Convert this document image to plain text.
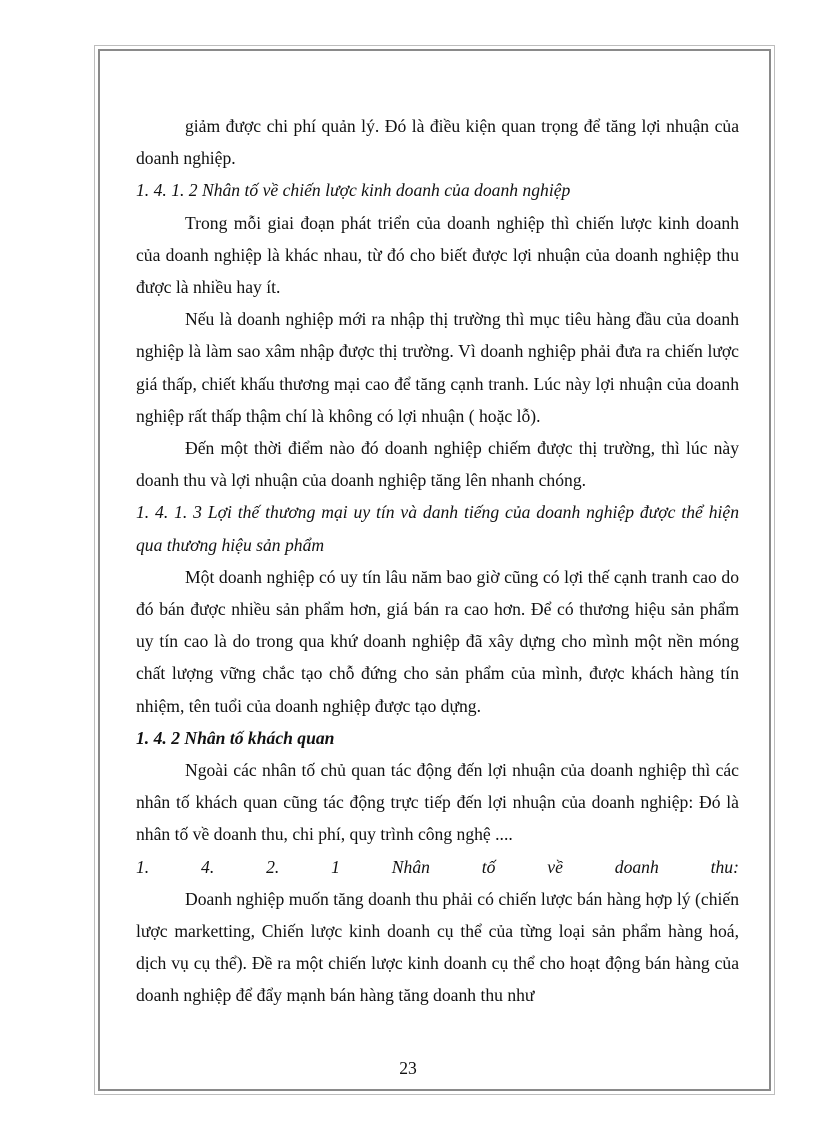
giảm được chi phí quản lý. Đó là điều kiện quan trọng để tăng lợi nhuận của doanh nghiệp.

1. 4. 1. 2 Nhân tố về chiến lược kinh doanh của doanh nghiệp

Trong mỗi giai đoạn phát triển của doanh nghiệp thì chiến lược kinh doanh của doanh nghiệp là khác nhau, từ đó cho biết được lợi nhuận của doanh nghiệp thu được là nhiều hay ít.

Nếu là doanh nghiệp mới ra nhập thị trường thì mục tiêu hàng đầu của doanh nghiệp là làm sao xâm nhập được thị trường. Vì doanh nghiệp phải đưa ra chiến lược giá thấp, chiết khấu thương mại cao để tăng cạnh tranh. Lúc này lợi nhuận của doanh nghiệp rất thấp thậm chí là không có lợi nhuận ( hoặc lỗ).

Đến một thời điểm nào đó doanh nghiệp chiếm được thị trường, thì lúc này doanh thu và lợi nhuận của doanh nghiệp tăng lên nhanh chóng.

1. 4. 1. 3 Lợi thế thương mại uy tín và danh tiếng của doanh nghiệp được thể hiện qua thương hiệu sản phẩm

Một doanh nghiệp có uy tín lâu năm bao giờ cũng có lợi thế cạnh tranh cao do đó bán được nhiều sản phẩm hơn, giá bán ra cao hơn. Để có thương hiệu sản phẩm uy tín cao là do trong qua khứ doanh nghiệp đã xây dựng cho mình một nền móng chất lượng vững chắc tạo chỗ đứng cho sản phẩm của mình, được khách hàng tín nhiệm, tên tuổi của doanh nghiệp được tạo dựng.

1. 4. 2 Nhân tố khách quan

Ngoài các nhân tố chủ quan tác động đến lợi nhuận của doanh nghiệp thì các nhân tố khách quan cũng tác động trực tiếp đến lợi nhuận của doanh nghiệp: Đó là nhân tố về doanh thu, chi phí, quy trình công nghệ ....

1.	4.	2.	1	Nhân	tố	về	doanh	thu:

Doanh nghiệp muốn tăng doanh thu phải có chiến lược bán hàng hợp lý (chiến lược marketting, Chiến lược kinh doanh cụ thể của từng loại sản phẩm hàng hoá, dịch vụ cụ thể). Đề ra một chiến lược kinh doanh cụ thể cho hoạt động bán hàng của doanh nghiệp để đẩy mạnh bán hàng tăng doanh thu như

23
